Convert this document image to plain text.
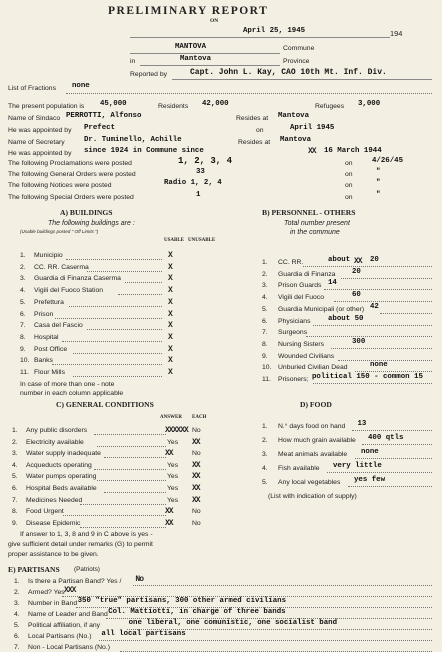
PRELIMINARY REPORT
ON
April 25, 1945	194
MANTOVA	Commune
in	Mantova	Province
Reported by	Capt. John L. Kay, CAO 10th Mt. Inf. Div.
List of Fractions none
The present population is 45,000	Residents 42,000	Refugees 3,000
Name of Sindaco PERROTTI, Alfonso	Resides at Mantova
He was appointed by Prefect	on	April 1945
Name of Secretary	Dr. Tuminello, Achille	Resides at Mantova
He was appointed by since 1924 in Commune since	XX 16 March 1944
The following Proclamations were posted	1, 2, 3, 4	on	4/26/45
The following General Orders were posted	33	on	"
The following Notices were posted	Radio 1, 2, 4	on	"
The following Special Orders were posted	1	on	"
A) BUILDINGS
The following buildings are :
(Usable buildings posted " Off Limits ")
USABLE UNUSABLE
1. Municipio	X
2. CC. RR. Caserma	X
3. Guardia di Finanza Caserma	X
4. Vigili del Fuoco Station	X
5. Prefettura	X
6. Prison	X
7. Casa del Fascio	X
8. Hospital	X
9. Post Office	X
10. Banks	X
11. Flour Mills	X
In case of more than one - note
number in each column applicable
B) PERSONNEL - OTHERS
Total number present
in the commune
1. CC. RR.	about XX 20
2. Guardia di Finanza 20
3. Prison Guards 14
4. Vigili del Fuoco	60
5. Guardia Municipali (or other) 42
6. Physicians about 50
7. Surgeons
8. Nursing Sisters	300
9. Wounded Civilians
10. Unburied Civilian Dead	none
11. Prisoners; political 150 - common 15
C) GENERAL CONDITIONS
ANSWER EACH
1. Any public disorders	XXXXXX No
2. Electricity available	Yes XX
3. Water supply inadequate	XX	No
4. Acqueducts operating	Yes XX
5. Water pumps operating	Yes XX
6. Hospital Beds available	Yes XX
7. Medicines Needed	Yes XX
8. Food Urgent	XX	No
9. Disease Epidemic	XX	No
If answer to 1, 3, 8 and 9 in C above is yes -
give sufficient detail under remarks (G) to permit
proper assistance to be given.
D) FOOD
1. N.° days food on hand 13
2. How much grain available 400 qtls
3. Meat animals available none
4. Fish available very little
5. Any local vegetables yes few
(List with indication of supply)
E) PARTISANS (Patriots)
1. Is there a Partisan Band? Yes / No
2. Armed? Yes XXX
3. Number in Band 350 "true" partisans, 300 other armed civilians
4. Name of Leader and Band Col. Mattiotti, in charge of three bands
5. Political affiliation, if any	one liberal, one comunistic, one socialist band
6. Local Partisans (No.) all local partisans
7. Non - Local Partisans (No.)
